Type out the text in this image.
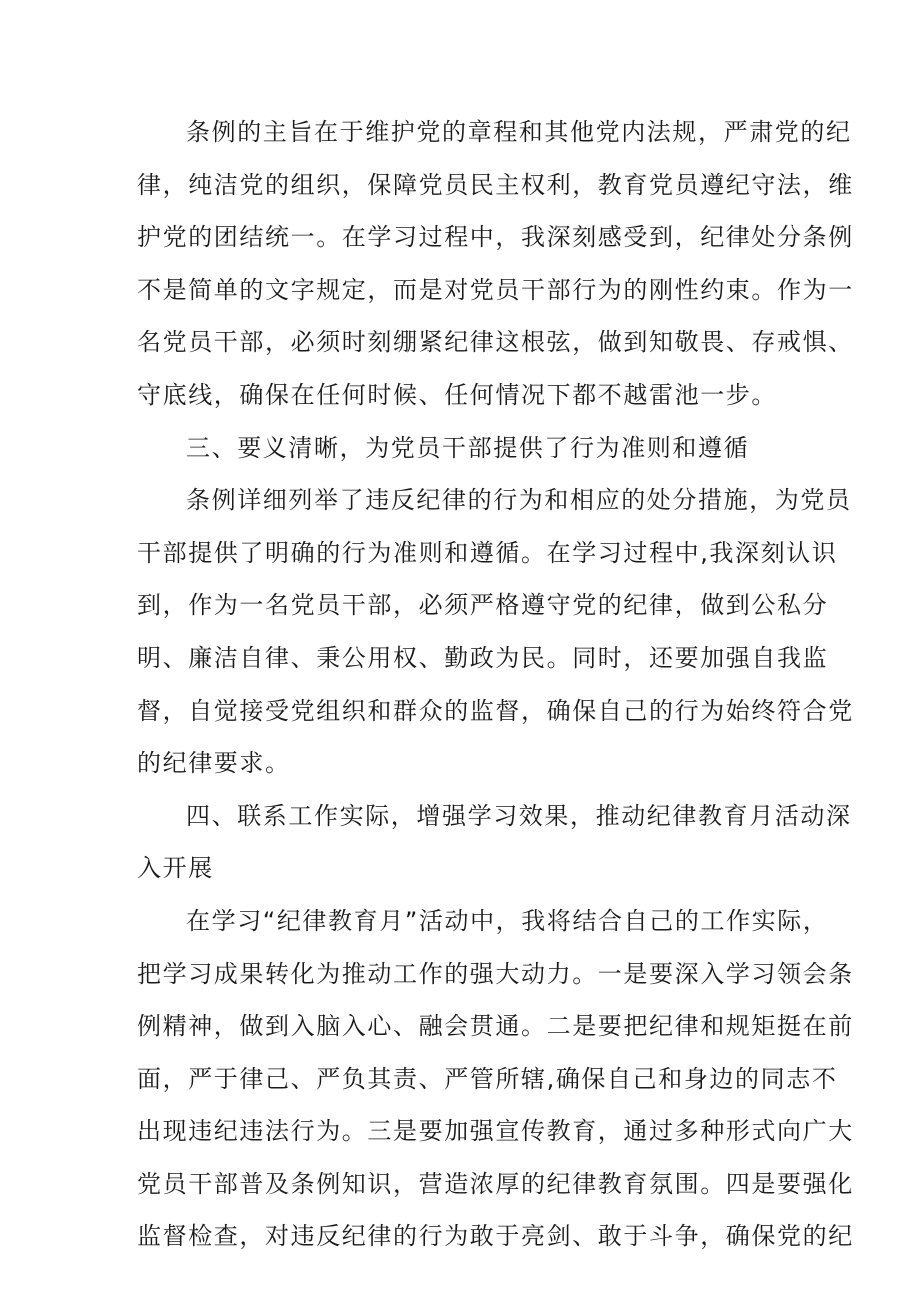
条例的主旨在于维护党的章程和其他党内法规，严肃党的纪
律，纯洁党的组织，保障党员民主权利，教育党员遵纪守法，维
护党的团结统一。在学习过程中，我深刻感受到，纪律处分条例
不是简单的文字规定，而是对党员干部行为的刚性约束。作为一
名党员干部，必须时刻绷紧纪律这根弦，做到知敬畏、存戒惧、
守底线，确保在任何时候、任何情况下都不越雷池一步。
三、要义清晰，为党员干部提供了行为准则和遵循
条例详细列举了违反纪律的行为和相应的处分措施，为党员
干部提供了明确的行为准则和遵循。在学习过程中,我深刻认识
到，作为一名党员干部，必须严格遵守党的纪律，做到公私分
明、廉洁自律、秉公用权、勤政为民。同时，还要加强自我监
督，自觉接受党组织和群众的监督，确保自己的行为始终符合党
的纪律要求。
四、联系工作实际，增强学习效果，推动纪律教育月活动深
入开展
在学习“纪律教育月”活动中，我将结合自己的工作实际，
把学习成果转化为推动工作的强大动力。一是要深入学习领会条
例精神，做到入脑入心、融会贯通。二是要把纪律和规矩挺在前
面，严于律己、严负其责、严管所辖,确保自己和身边的同志不
出现违纪违法行为。三是要加强宣传教育，通过多种形式向广大
党员干部普及条例知识，营造浓厚的纪律教育氛围。四是要强化
监督检查，对违反纪律的行为敢于亮剑、敢于斗争，确保党的纪
